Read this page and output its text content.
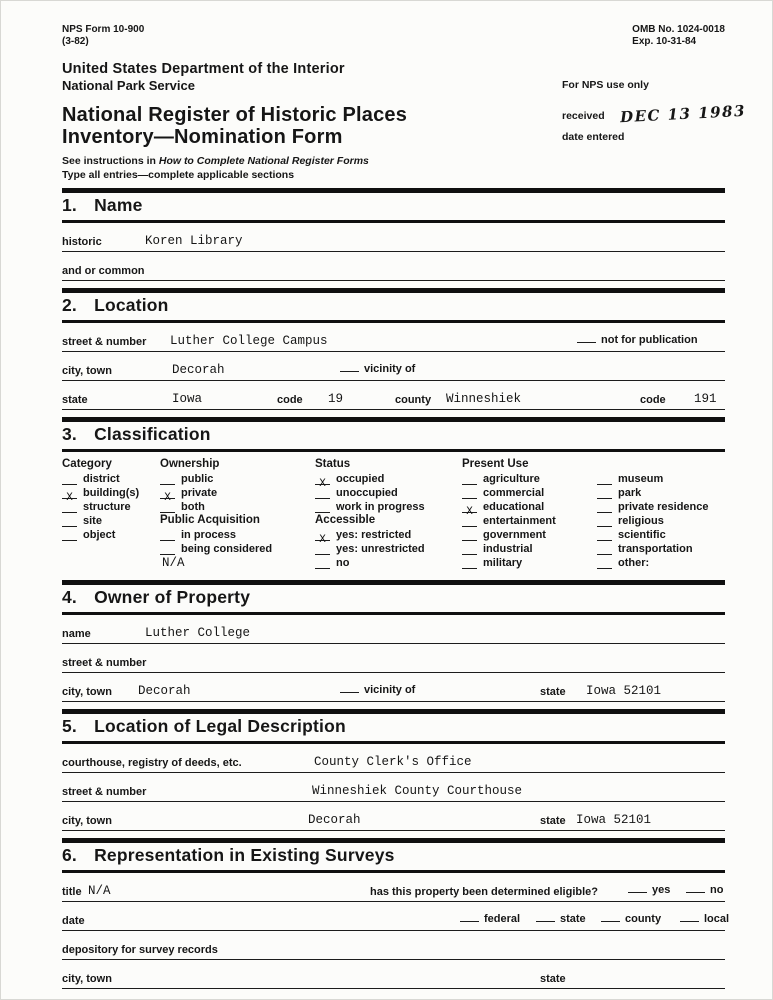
NPS Form 10-900
(3-82)
OMB No. 1024-0018
Exp. 10-31-84
United States Department of the Interior
National Park Service
National Register of Historic Places
Inventory—Nomination Form
See instructions in How to Complete National Register Forms
Type all entries—complete applicable sections
For NPS use only
received DEC 13 1983
date entered
1. Name
historic	Koren Library
and or common
2. Location
street & number Luther College Campus	not for publication
city, town	Decorah	vicinity of
state	Iowa	code 19	county Winneshiek	code 191
3. Classification
Category
district
X building(s)
structure
site
object
Ownership
public
X private
both
Public Acquisition
in process
being considered
N/A
Status
X occupied
unoccupied
work in progress
Accessible
X yes: restricted
yes: unrestricted
no
Present Use
agriculture
commercial
X educational
entertainment
government
industrial
military

museum
park
private residence
religious
scientific
transportation
other:
4. Owner of Property
name	Luther College
street & number
city, town Decorah	vicinity of	state Iowa 52101
5. Location of Legal Description
courthouse, registry of deeds, etc.	County Clerk's Office
street & number	Winneshiek County Courthouse
city, town	Decorah	state Iowa 52101
6. Representation in Existing Surveys
title N/A	has this property been determined eligible?	yes	no
date	federal	state	county	local
depository for survey records
city, town	state
